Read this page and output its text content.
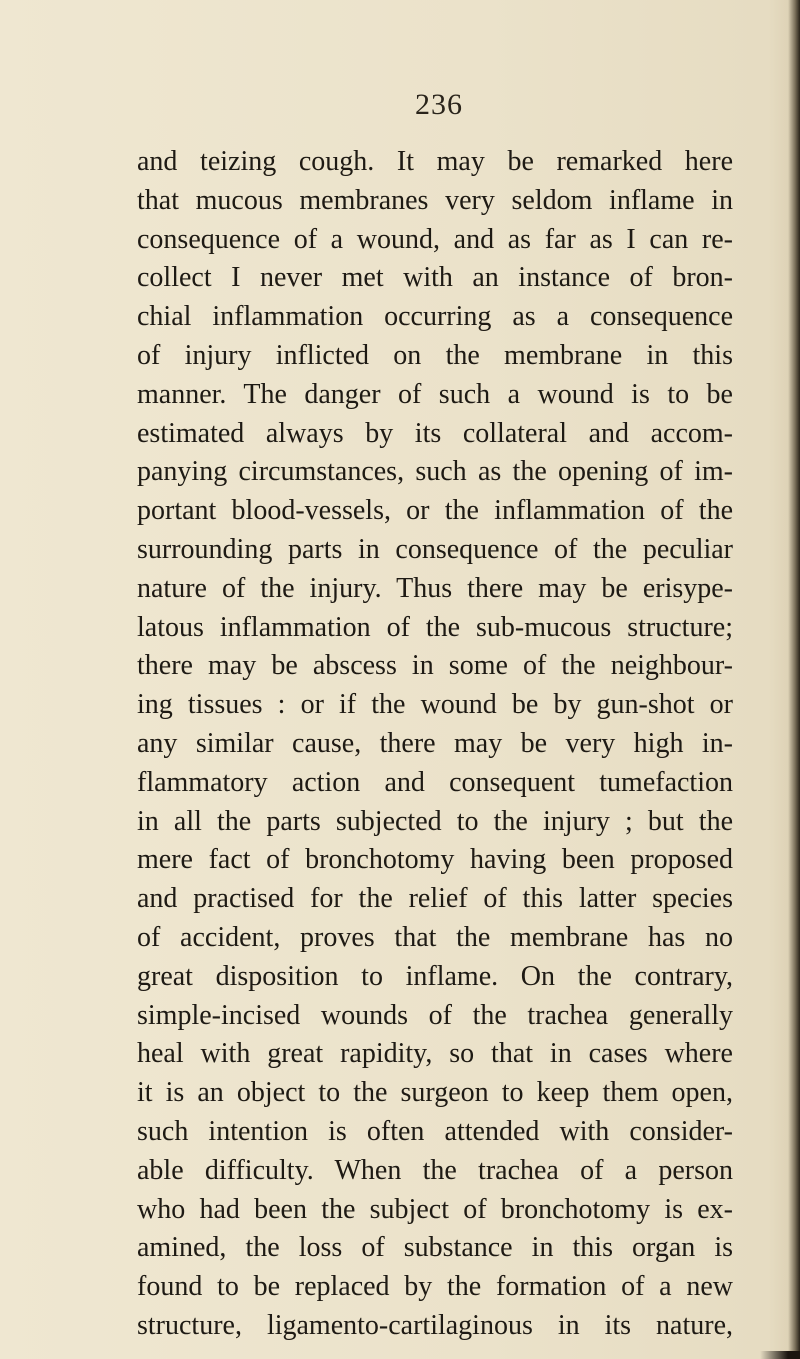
236
and teizing cough. It may be remarked here
that mucous membranes very seldom inflame in
consequence of a wound, and as far as I can re-
collect I never met with an instance of bron-
chial inflammation occurring as a consequence
of injury inflicted on the membrane in this
manner. The danger of such a wound is to be
estimated always by its collateral and accom-
panying circumstances, such as the opening of im-
portant blood-vessels, or the inflammation of the
surrounding parts in consequence of the peculiar
nature of the injury. Thus there may be erisype-
latous inflammation of the sub-mucous structure;
there may be abscess in some of the neighbour-
ing tissues : or if the wound be by gun-shot or
any similar cause, there may be very high in-
flammatory action and consequent tumefaction
in all the parts subjected to the injury ; but the
mere fact of bronchotomy having been proposed
and practised for the relief of this latter species
of accident, proves that the membrane has no
great disposition to inflame. On the contrary,
simple-incised wounds of the trachea generally
heal with great rapidity, so that in cases where
it is an object to the surgeon to keep them open,
such intention is often attended with consider-
able difficulty. When the trachea of a person
who had been the subject of bronchotomy is ex-
amined, the loss of substance in this organ is
found to be replaced by the formation of a new
structure, ligamento-cartilaginous in its nature,
